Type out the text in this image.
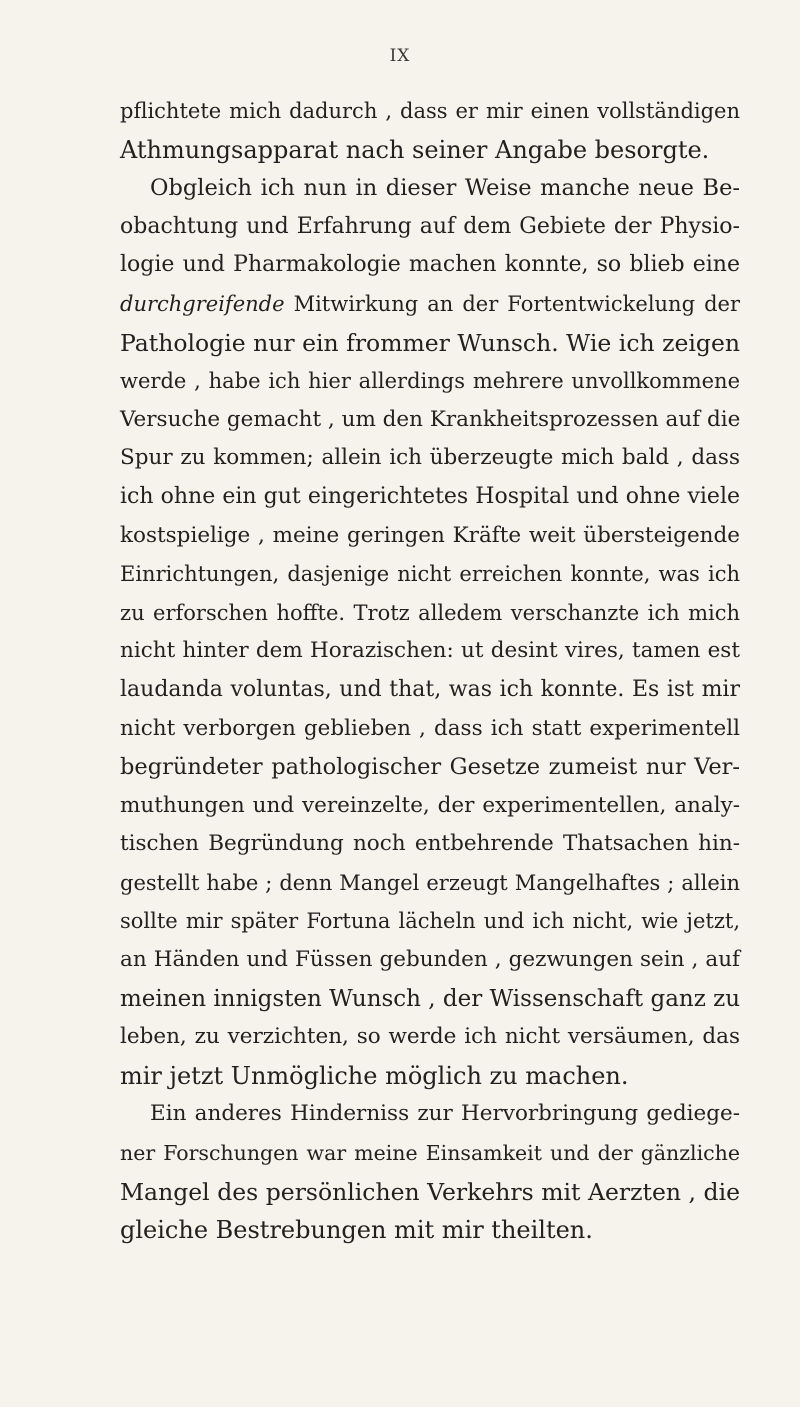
IX
pflichtete mich dadurch , dass er mir einen vollständigen
Athmungsapparat nach seiner Angabe besorgte.
Obgleich ich nun in dieser Weise manche neue Be-
obachtung und Erfahrung auf dem Gebiete der Physio-
logie und Pharmakologie machen konnte, so blieb eine
durchgreifende Mitwirkung an der Fortentwickelung der
Pathologie nur ein frommer Wunsch. Wie ich zeigen
werde , habe ich hier allerdings mehrere unvollkommene
Versuche gemacht , um den Krankheitsprozessen auf die
Spur zu kommen; allein ich überzeugte mich bald , dass
ich ohne ein gut eingerichtetes Hospital und ohne viele
kostspielige , meine geringen Kräfte weit übersteigende
Einrichtungen, dasjenige nicht erreichen konnte, was ich
zu erforschen hoffte. Trotz alledem verschanzte ich mich
nicht hinter dem Horazischen: ut desint vires, tamen est
laudanda voluntas, und that, was ich konnte. Es ist mir
nicht verborgen geblieben , dass ich statt experimentell
begründeter pathologischer Gesetze zumeist nur Ver-
muthungen und vereinzelte, der experimentellen, analy-
tischen Begründung noch entbehrende Thatsachen hin-
gestellt habe ; denn Mangel erzeugt Mangelhaftes ; allein
sollte mir später Fortuna lächeln und ich nicht, wie jetzt,
an Händen und Füssen gebunden , gezwungen sein , auf
meinen innigsten Wunsch , der Wissenschaft ganz zu
leben, zu verzichten, so werde ich nicht versäumen, das
mir jetzt Unmögliche möglich zu machen.
Ein anderes Hinderniss zur Hervorbringung gediege-
ner Forschungen war meine Einsamkeit und der gänzliche
Mangel des persönlichen Verkehrs mit Aerzten , die
gleiche Bestrebungen mit mir theilten.
